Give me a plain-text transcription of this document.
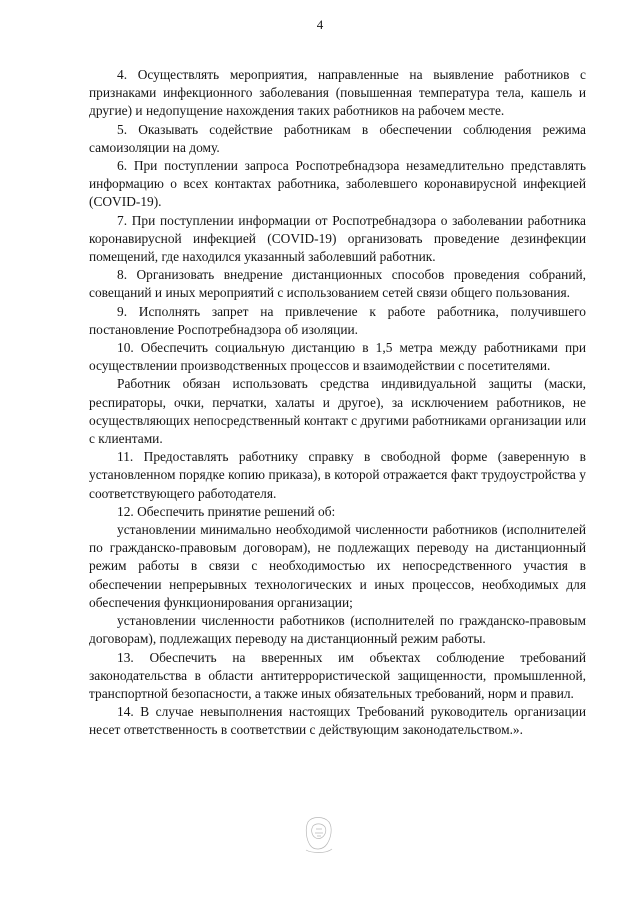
4

4. Осуществлять мероприятия, направленные на выявление работников с признаками инфекционного заболевания (повышенная температура тела, кашель и другие) и недопущение нахождения таких работников на рабочем месте.

5. Оказывать содействие работникам в обеспечении соблюдения режима самоизоляции на дому.

6. При поступлении запроса Роспотребнадзора незамедлительно представлять информацию о всех контактах работника, заболевшего коронавирусной инфекцией (COVID-19).

7. При поступлении информации от Роспотребнадзора о заболевании работника коронавирусной инфекцией (COVID-19) организовать проведение дезинфекции помещений, где находился указанный заболевший работник.

8. Организовать внедрение дистанционных способов проведения собраний, совещаний и иных мероприятий с использованием сетей связи общего пользования.

9. Исполнять запрет на привлечение к работе работника, получившего постановление Роспотребнадзора об изоляции.

10. Обеспечить социальную дистанцию в 1,5 метра между работниками при осуществлении производственных процессов и взаимодействии с посетителями.

Работник обязан использовать средства индивидуальной защиты (маски, респираторы, очки, перчатки, халаты и другое), за исключением работников, не осуществляющих непосредственный контакт с другими работниками организации или с клиентами.

11. Предоставлять работнику справку в свободной форме (заверенную в установленном порядке копию приказа), в которой отражается факт трудоустройства у соответствующего работодателя.

12. Обеспечить принятие решений об:

установлении минимально необходимой численности работников (исполнителей по гражданско-правовым договорам), не подлежащих переводу на дистанционный режим работы в связи с необходимостью их непосредственного участия в обеспечении непрерывных технологических и иных процессов, необходимых для обеспечения функционирования организации;

установлении численности работников (исполнителей по гражданско-правовым договорам), подлежащих переводу на дистанционный режим работы.

13. Обеспечить на вверенных им объектах соблюдение требований законодательства в области антитеррористической защищенности, промышленной, транспортной безопасности, а также иных обязательных требований, норм и правил.

14. В случае невыполнения настоящих Требований руководитель организации несет ответственность в соответствии с действующим законодательством.».
